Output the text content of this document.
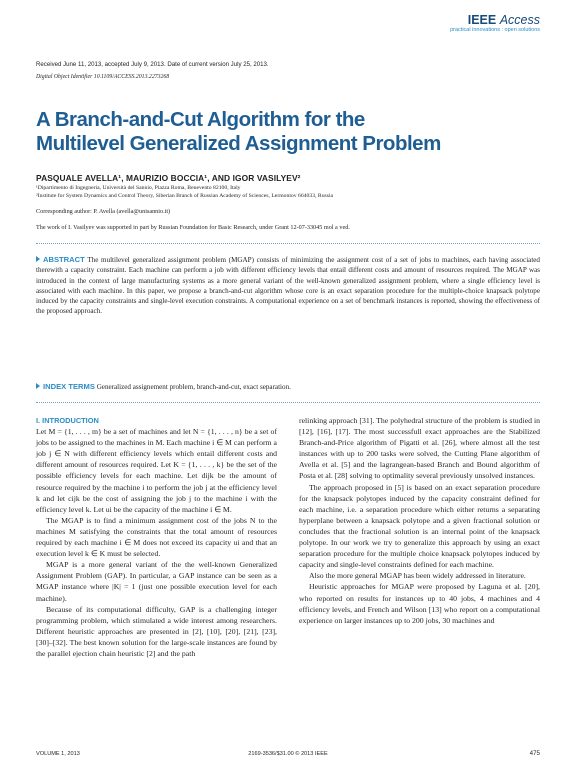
IEEE Access
practical innovations : open solutions
Received June 11, 2013, accepted July 9, 2013. Date of current version July 25, 2013.
Digital Object Identifier 10.1109/ACCESS.2013.2273268
A Branch-and-Cut Algorithm for the
Multilevel Generalized Assignment Problem
PASQUALE AVELLA¹, MAURIZIO BOCCIA¹, AND IGOR VASILYEV²
¹Dipartimento di Ingegneria, Università del Sannio, Piazza Roma, Benevento 82100, Italy
²Institute for System Dynamics and Control Theory, Siberian Branch of Russian Academy of Sciences, Lermontov 664033, Russia
Corresponding author: P. Avella (avella@unisannio.it)
The work of I. Vasilyev was supported in part by Russian Foundation for Basic Research, under Grant 12-07-33045 mol a ved.
ABSTRACT The multilevel generalized assignment problem (MGAP) consists of minimizing the assignment cost of a set of jobs to machines, each having associated therewith a capacity constraint. Each machine can perform a job with different efficiency levels that entail different costs and amount of resources required. The MGAP was introduced in the context of large manufacturing systems as a more general variant of the well-known generalized assignment problem, where a single efficiency level is associated with each machine. In this paper, we propose a branch-and-cut algorithm whose core is an exact separation procedure for the multiple-choice knapsack polytope induced by the capacity constraints and single-level execution constraints. A computational experience on a set of benchmark instances is reported, showing the effectiveness of the proposed approach.
INDEX TERMS Generalized assignement problem, branch-and-cut, exact separation.
I. INTRODUCTION

Let M = {1, . . . , m} be a set of machines and let N = {1, . . . , n} be a set of jobs to be assigned to the machines in M. Each machine i ∈ M can perform a job j ∈ N with different efficiency levels which entail different costs and different amount of resources required. Let K = {1, . . . , k} be the set of the possible efficiency levels for each machine. Let dijk be the amount of resource required by the machine i to perform the job j at the efficiency level k and let cijk be the cost of assigning the job j to the machine i with the efficiency level k. Let ui be the capacity of the machine i ∈ M.

The MGAP is to find a minimum assignment cost of the jobs N to the machines M satisfying the constraints that the total amount of resources required by each machine i ∈ M does not exceed its capacity ui and that an execution level k ∈ K must be selected.

MGAP is a more general variant of the the well-known Generalized Assignment Problem (GAP). In particular, a GAP instance can be seen as a MGAP instance where |K| = 1 (just one possible execution level for each machine).

Because of its computational difficulty, GAP is a challenging integer programming problem, which stimulated a wide interest among researchers. Different heuristic approaches are presented in [2], [10], [20], [21], [23], [30]–[32]. The best known solution for the large-scale instances are found by the parallel ejection chain heuristic [2] and the path

relinking approach [31]. The polyhedral structure of the problem is studied in [12], [16], [17]. The most successfull exact approaches are the Stabilized Branch-and-Price algorithm of Pigatti et al. [26], where almost all the test instances with up to 200 tasks were solved, the Cutting Plane algorithm of Avella et al. [5] and the lagrangean-based Branch and Bound algorithm of Posta et al. [28] solving to optimality several previously unsolved instances.

The approach proposed in [5] is based on an exact separation procedure for the knapsack polytopes induced by the capacity constraint defined for each machine, i.e. a separation procedure which either returns a separating hyperplane between a knapsack polytope and a given fractional solution or concludes that the fractional solution is an internal point of the knapsack polytope. In our work we try to generalize this approach by using an exact separation procedure for the multiple choice knapsack polytopes induced by capacity and single-level constraints defined for each machine.

Also the more general MGAP has been widely addressed in literature.

Heuristic approaches for MGAP were proposed by Laguna et al. [20], who reported on results for instances up to 40 jobs, 4 machines and 4 efficiency levels, and French and Wilson [13] who report on a computational experience on larger instances up to 200 jobs, 30 machines and

VOLUME 1, 2013	2169-3536/$31.00 © 2013 IEEE	475
